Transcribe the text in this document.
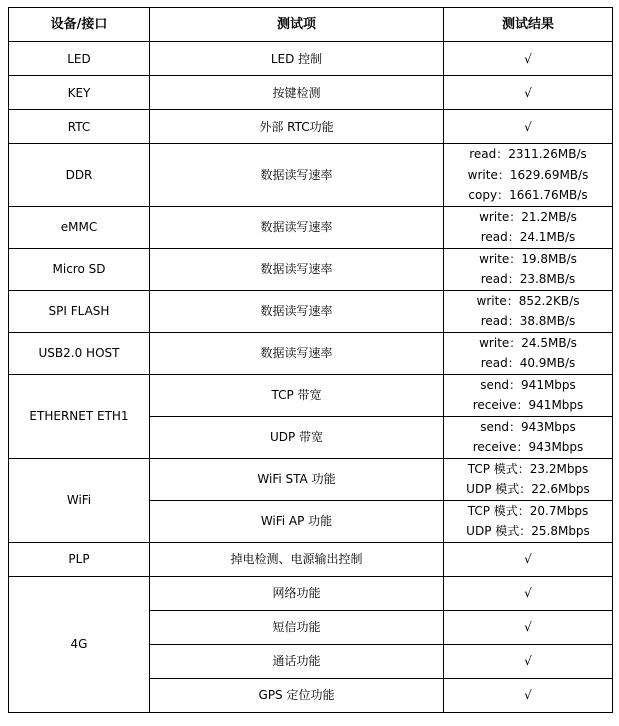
设备/接口	测试项	测试结果
LED	LED 控制	√
KEY	按键检测	√
RTC	外部 RTC功能	√
DDR	数据读写速率	read：2311.26MB/s
write：1629.69MB/s
copy：1661.76MB/s

eMMC	数据读写速率	write：21.2MB/s
read：24.1MB/s

Micro SD	数据读写速率	write：19.8MB/s
read：23.8MB/s

SPI FLASH	数据读写速率	write：852.2KB/s
read：38.8MB/s

USB2.0 HOST	数据读写速率	write：24.5MB/s
read：40.9MB/s

ETHERNET ETH1	TCP 带宽	send：941Mbps
receive：941Mbps

	UDP 带宽	send：943Mbps
receive：943Mbps

WiFi	WiFi STA 功能	TCP 模式：23.2Mbps
UDP 模式：22.6Mbps

	WiFi AP 功能	TCP 模式：20.7Mbps
UDP 模式：25.8Mbps

PLP	掉电检测、电源输出控制	√
4G	网络功能	√
	短信功能	√
	通话功能	√
	GPS 定位功能	√
